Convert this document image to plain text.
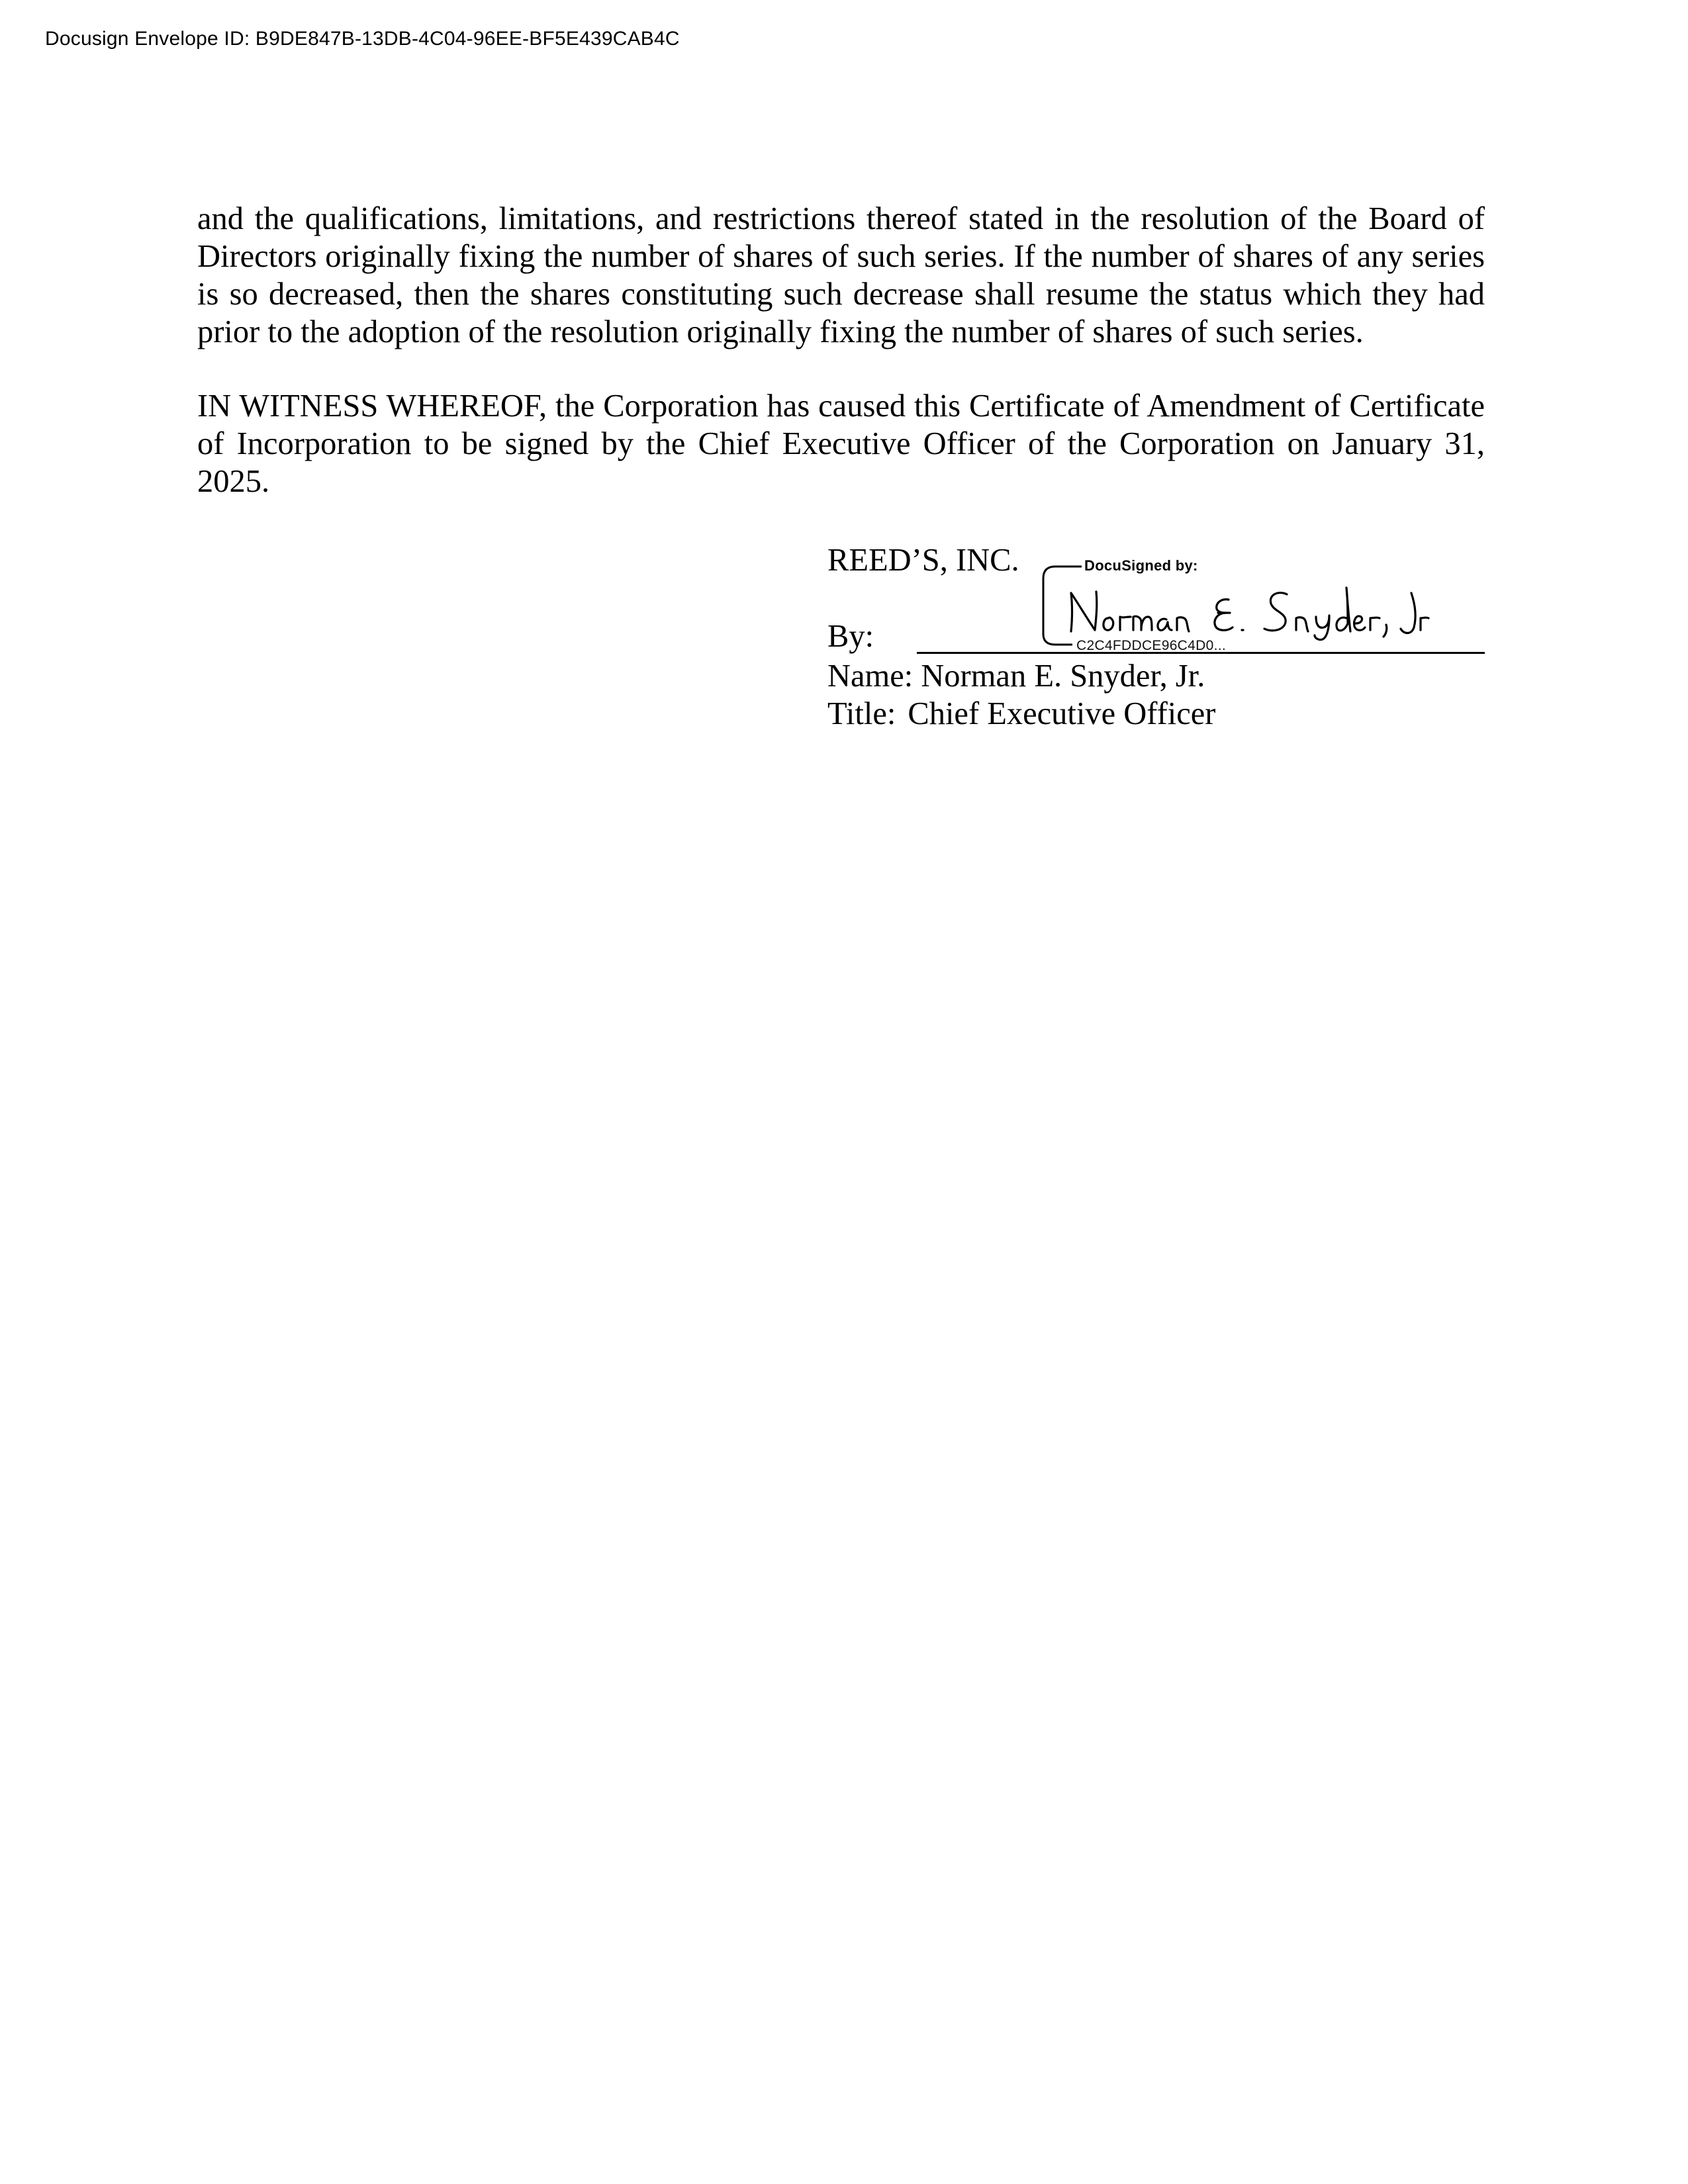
Docusign Envelope ID: B9DE847B-13DB-4C04-96EE-BF5E439CAB4C
and the qualifications, limitations, and restrictions thereof stated in the resolution of the Board of Directors originally fixing the number of shares of such series. If the number of shares of any series is so decreased, then the shares constituting such decrease shall resume the status which they had prior to the adoption of the resolution originally fixing the number of shares of such series.
IN WITNESS WHEREOF, the Corporation has caused this Certificate of Amendment of Certificate of Incorporation to be signed by the Chief Executive Officer of the Corporation on January 31, 2025.
REED’S, INC.
By:
Name: Norman E. Snyder, Jr.
Title: Chief Executive Officer
DocuSigned by:
C2C4FDDCE96C4D0...
